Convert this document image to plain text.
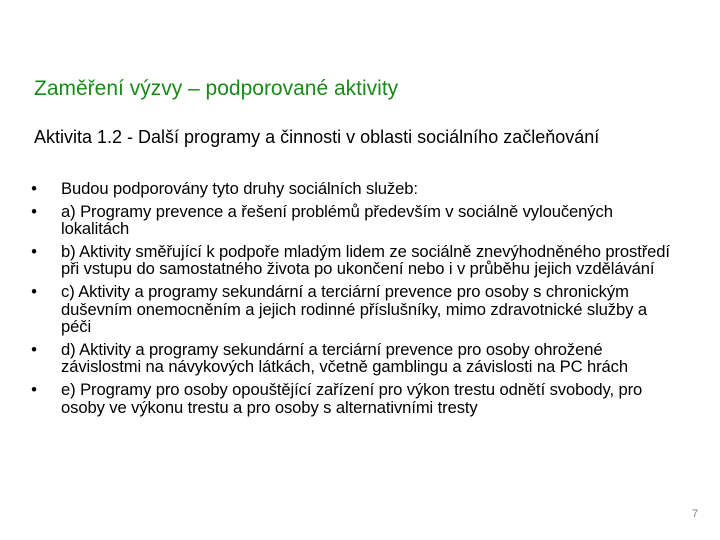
Zaměření výzvy – podporované aktivity
Aktivita 1.2 - Další programy a činnosti v oblasti sociálního začleňování
• Budou podporovány tyto druhy sociálních služeb:
• a) Programy prevence a řešení problémů především v sociálně vyloučených lokalitách
• b) Aktivity směřující k podpoře mladým lidem ze sociálně znevýhodněného prostředí při vstupu do samostatného života po ukončení nebo i v průběhu jejich vzdělávání
• c) Aktivity a programy sekundární a terciární prevence pro osoby s chronickým duševním onemocněním a jejich rodinné příslušníky, mimo zdravotnické služby a péči
• d) Aktivity a programy sekundární a terciární prevence pro osoby ohrožené závislostmi na návykových látkách, včetně gamblingu a závislosti na PC hrách
• e) Programy pro osoby opouštějící zařízení pro výkon trestu odnětí svobody, pro osoby ve výkonu trestu a pro osoby s alternativními tresty
7
